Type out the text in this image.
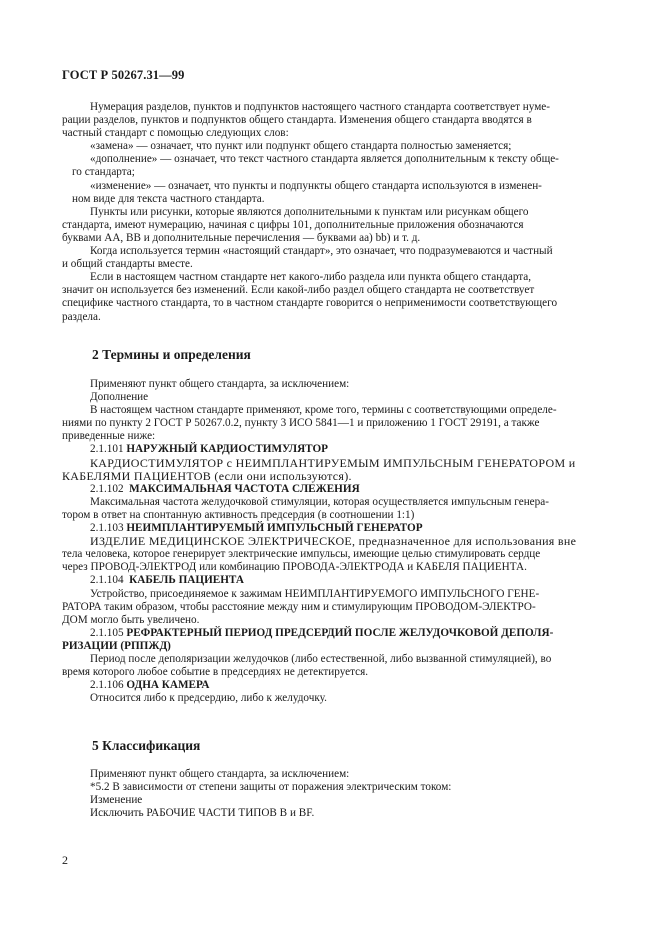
ГОСТ Р 50267.31—99

Нумерация разделов, пунктов и подпунктов настоящего частного стандарта соответствует нуме-

рации разделов, пунктов и подпунктов общего стандарта. Изменения общего стандарта вводятся в

частный стандарт с помощью следующих слов:

«замена» — означает, что пункт или подпункт общего стандарта полностью заменяется;

«дополнение» — означает, что текст частного стандарта является дополнительным к тексту обще-

го стандарта;

«изменение» — означает, что пункты и подпункты общего стандарта используются в изменен-

ном виде для текста частного стандарта.

Пункты или рисунки, которые являются дополнительными к пунктам или рисункам общего

стандарта, имеют нумерацию, начиная с цифры 101, дополнительные приложения обозначаются

буквами АА, ВВ и дополнительные перечисления — буквами аа) bb) и т. д.

Когда используется термин «настоящий стандарт», это означает, что подразумеваются и частный

и общий стандарты вместе.

Если в настоящем частном стандарте нет какого-либо раздела или пункта общего стандарта,

значит он используется без изменений. Если какой-либо раздел общего стандарта не соответствует

специфике частного стандарта, то в частном стандарте говорится о неприменимости соответствующего

раздела.

2 Термины и определения

Применяют пункт общего стандарта, за исключением:

Дополнение

В настоящем частном стандарте применяют, кроме того, термины с соответствующими определе-

ниями по пункту 2 ГОСТ Р 50267.0.2, пункту 3 ИСО 5841—1 и приложению 1 ГОСТ 29191, а также

приведенные ниже:

2.1.101 НАРУЖНЫЙ КАРДИОСТИМУЛЯТОР

КАРДИОСТИМУЛЯТОР с НЕИМПЛАНТИРУЕМЫМ ИМПУЛЬСНЫМ ГЕНЕРАТОРОМ и

КАБЕЛЯМИ ПАЦИЕНТОВ (если они используются).

2.1.102 МАКСИМАЛЬНАЯ ЧАСТОТА СЛЕЖЕНИЯ

Максимальная частота желудочковой стимуляции, которая осуществляется импульсным генера-

тором в ответ на спонтанную активность предсердия (в соотношении 1:1)

2.1.103 НЕИМПЛАНТИРУЕМЫЙ ИМПУЛЬСНЫЙ ГЕНЕРАТОР

ИЗДЕЛИЕ МЕДИЦИНСКОЕ ЭЛЕКТРИЧЕСКОЕ, предназначенное для использования вне

тела человека, которое генерирует электрические импульсы, имеющие целью стимулировать сердце

через ПРОВОД-ЭЛЕКТРОД или комбинацию ПРОВОДА-ЭЛЕКТРОДА и КАБЕЛЯ ПАЦИЕНТА.

2.1.104 КАБЕЛЬ ПАЦИЕНТА

Устройство, присоединяемое к зажимам НЕИМПЛАНТИРУЕМОГО ИМПУЛЬСНОГО ГЕНЕ-

РАТОРА таким образом, чтобы расстояние между ним и стимулирующим ПРОВОДОМ-ЭЛЕКТРО-

ДОМ могло быть увеличено.

2.1.105 РЕФРАКТЕРНЫЙ ПЕРИОД ПРЕДСЕРДИЙ ПОСЛЕ ЖЕЛУДОЧКОВОЙ ДЕПОЛЯ-

РИЗАЦИИ (РППЖД)

Период после деполяризации желудочков (либо естественной, либо вызванной стимуляцией), во

время которого любое событие в предсердиях не детектируется.

2.1.106 ОДНА КАМЕРА

Относится либо к предсердию, либо к желудочку.

5 Классификация

Применяют пункт общего стандарта, за исключением:

*5.2 В зависимости от степени защиты от поражения электрическим током:

Изменение

Исключить РАБОЧИЕ ЧАСТИ ТИПОВ В и BF.

2
